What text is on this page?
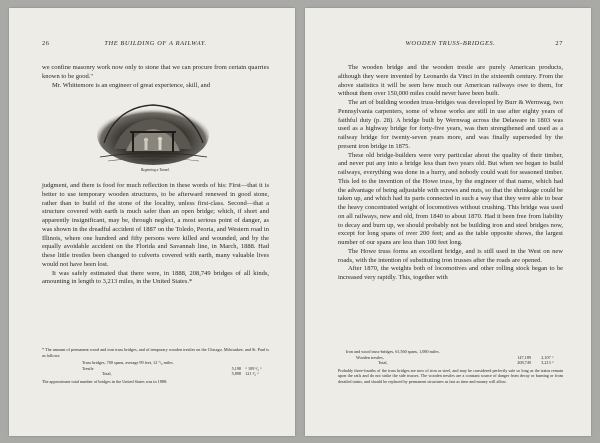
26	THE BUILDING OF A RAILWAY.

we confine masonry work now only to stone that we can procure from certain quarries known to be good."

Mr. Whittemore is an engineer of great experience, skill, and

Beginning a Tunnel.

judgment, and there is food for much reflection in these words of his: First—that it is better to use temporary wooden structures, to be afterward renewed in good stone, rather than to build of the stone of the locality, unless first-class. Second—that a structure covered with earth is much safer than an open bridge; which, if short and apparently insignificant, may be, through neglect, a most serious point of danger, as was shown in the dreadful accident of 1887 on the Toledo, Peoria, and Western road in Illinois, where one hundred and fifty persons were killed and wounded, and by the equally avoidable accident on the Florida and Savannah line, in March, 1888. Had these little trestles been changed to culverts covered with earth, many valuable lives would not have been lost.

It was safely estimated that there were, in 1888, 208,749 bridges of all kinds, amounting in length to 3,213 miles, in the United States.*

* The amount of permanent wood and iron truss bridges, and of temporary wooden trestles on the Chicago, Milwaukee, and St. Paul is as follows:

Truss bridges, 700 spans, average 99 feet, 12 °/₀ miles.		
Trestle	5,198	“ 109 ¹⁄₂ “
Total,	5,898	121 ¹⁄₂ “

The approximate total number of bridges in the United States was in 1888:

WOODEN TRUSS-BRIDGES.	27

The wooden bridge and the wooden trestle are purely American products, although they were invented by Leonardo da Vinci in the sixteenth century. From the above statistics it will be seen how much our American railways owe to them, for without them over 150,000 miles could never have been built.

The art of building wooden truss-bridges was developed by Burr & Wernwag, two Pennsylvania carpenters, some of whose works are still in use after eighty years of faithful duty (p. 28). A bridge built by Wernwag across the Delaware in 1803 was used as a highway bridge for forty-five years, was then strengthened and used as a railway bridge for twenty-seven years more, and was finally superseded by the present iron bridge in 1875.

These old bridge-builders were very particular about the quality of their timber, and never put any into a bridge less than two years old. But when we began to build railways, everything was done in a hurry, and nobody could wait for seasoned timber. This led to the invention of the Howe truss, by the engineer of that name, which had the advantage of being adjustable with screws and nuts, so that the shrinkage could be taken up, and which had its parts connected in such a way that they were able to bear the heavy concentrated weight of locomotives without crushing. This bridge was used on all railways, new and old, from 1840 to about 1870. Had it been free from liability to decay and burn up, we should probably not be building iron and steel bridges now, except for long spans of over 200 feet; and as the table opposite shows, the largest number of our spans are less than 100 feet long.

The Howe truss forms an excellent bridge, and is still used in the West on new roads, with the intention of substituting iron trusses after the roads are opened.

After 1870, the weights both of locomotives and other rolling stock began to be increased very rapidly. This, together with

Iron and wood truss-bridges, 61,560 spans, 1,080 miles.		
Wooden trestles,	147,189	2,107 “
Total,	208,749	3,213 “

Probably three-fourths of the truss bridges are now of iron or steel, and may be considered perfectly safe so long as the trains remain upon the rails and do not strike the side trusses. The wooden trestles are a constant source of danger from decay or burning or from derailed trains, and should be replaced by permanent structures as fast as time and money will allow.
